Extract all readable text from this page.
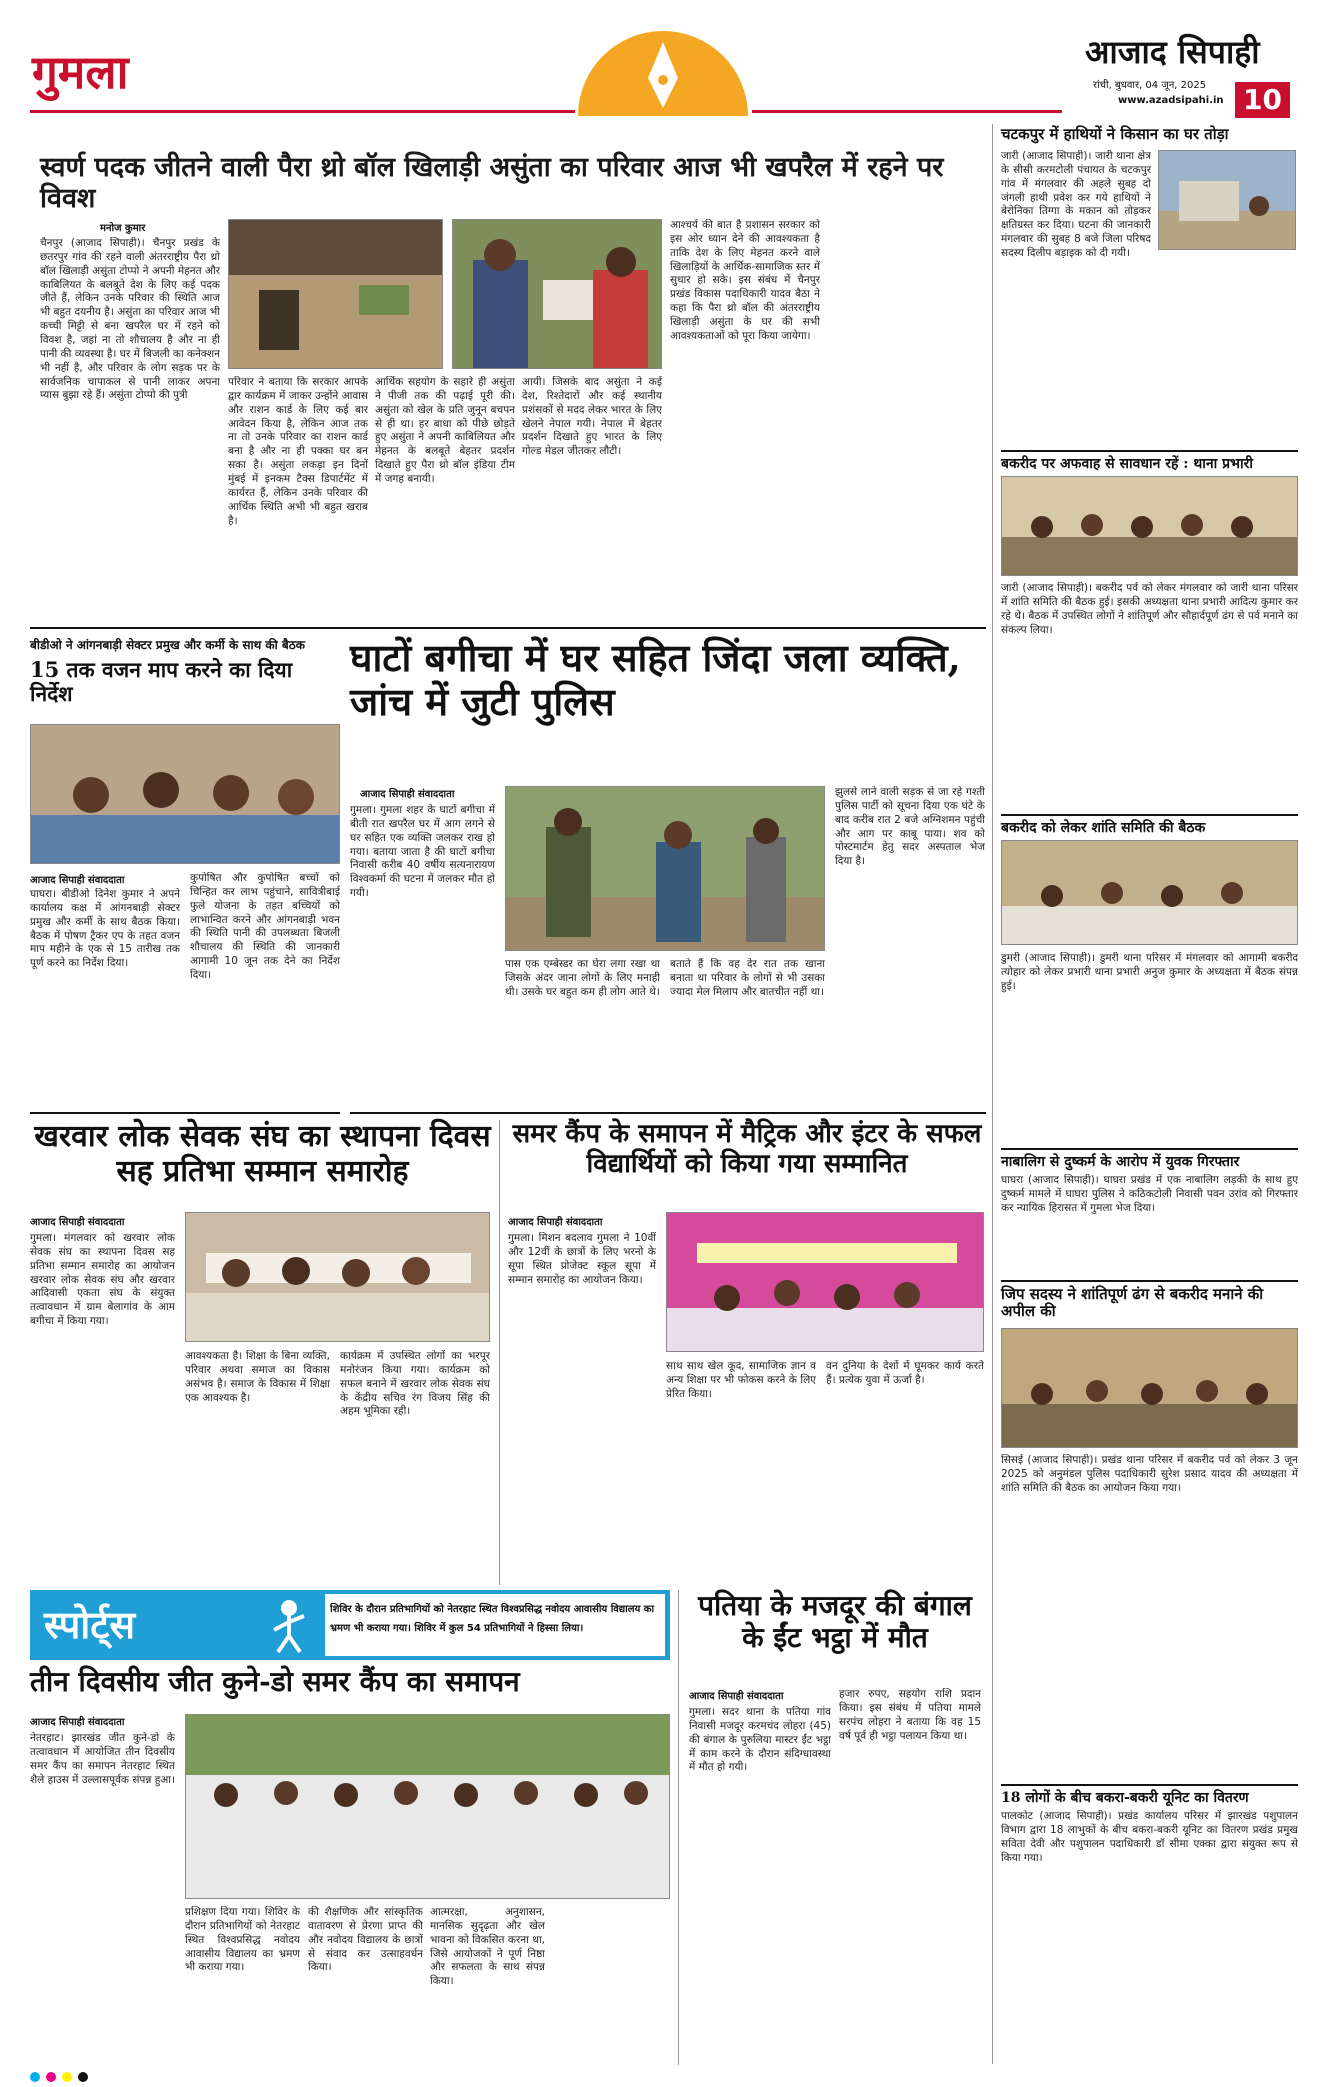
गुमला	आजाद सिपाही
रांची, बुधवार, 04 जून, 2025
www.azadsipahi.in 10
स्वर्ण पदक जीतने वाली पैरा थ्रो बॉल खिलाड़ी असुंता का परिवार आज भी खपरैल में रहने पर विवश
मनोज कुमार
चैनपुर (आजाद सिपाही)। चैनपुर प्रखंड के छतरपुर गांव की रहने वाली अंतरराष्ट्रीय पैरा थ्रो बॉल खिलाड़ी असुंता टोप्पो ने अपनी मेहनत और काबिलियत के बलबूते देश के लिए कई पदक जीते हैं, लेकिन उनके परिवार की स्थिति आज भी बहुत दयनीय है। असुंता का परिवार आज भी कच्ची मिट्टी से बना खपरैल घर में रहने को विवश है, जहां ना तो शौचालय है और ना ही पानी की व्यवस्था है। घर में बिजली का कनेक्शन भी नहीं है, और परिवार के लोग सड़क पर के सार्वजनिक चापाकल से पानी लाकर अपना प्यास बुझा रहे हैं। असुंता टोप्पो की पुत्री
परिवार ने बताया कि सरकार आपके द्वार कार्यक्रम में जाकर उन्होंने आवास और राशन कार्ड के लिए कई बार आवेदन किया है, लेकिन आज तक ना तो उनके परिवार का राशन कार्ड बना है और ना ही पक्का घर बन सका है। असुंता लकड़ा इन दिनों मुंबई में इनकम टैक्स डिपार्टमेंट में कार्यरत हैं, लेकिन उनके परिवार की आर्थिक स्थिति अभी भी बहुत खराब है।
आर्थिक सहयोग के सहारे ही असुंता ने पीजी तक की पढ़ाई पूरी की। असुंता को खेल के प्रति जुनून बचपन से ही था। हर बाधा को पीछे छोड़ते हुए असुंता ने अपनी काबिलियत और मेहनत के बलबूते बेहतर प्रदर्शन दिखाते हुए पैरा थ्रो बॉल इंडिया टीम में जगह बनायी।
आयी। जिसके बाद असुंता ने कई देश, रिश्तेदारों और कई स्थानीय प्रशंसकों से मदद लेकर भारत के लिए खेलने नेपाल गयी। नेपाल में बेहतर प्रदर्शन दिखाते हुए भारत के लिए गोल्ड मेडल जीतकर लौटी।
आश्चर्य की बात है प्रशासन सरकार को इस ओर ध्यान देने की आवश्यकता है ताकि देश के लिए मेहनत करने वाले खिलाड़ियों के आर्थिक-सामाजिक स्तर में सुधार हो सके। इस संबंध में चैनपुर प्रखंड विकास पदाधिकारी यादव बैठा ने कहा कि पैरा थ्रो बॉल की अंतरराष्ट्रीय खिलाड़ी असुंता के घर की सभी आवश्यकताओं को पूरा किया जायेगा।
बीडीओ ने आंगनबाड़ी सेक्टर प्रमुख और कर्मी के साथ की बैठक
15 तक वजन माप करने का दिया निर्देश
आजाद सिपाही संवाददाता
घाघरा। बीडीओ दिनेश कुमार ने अपने कार्यालय कक्ष में आंगनबाड़ी सेक्टर प्रमुख और कर्मी के साथ बैठक किया। बैठक में पोषण ट्रैकर एप के तहत वजन माप महीने के एक से 15 तारीख तक पूर्ण करने का निर्देश दिया।
कुपोषित और कुपोषित बच्चों को चिन्हित कर लाभ पहुंचाने, सावित्रीबाई फुले योजना के तहत बच्चियों को लाभान्वित करने और आंगनबाड़ी भवन की स्थिति पानी की उपलब्धता बिजली शौचालय की स्थिति की जानकारी आगामी 10 जून तक देने का निर्देश दिया।
घाटों बगीचा में घर सहित जिंदा जला व्यक्ति, जांच में जुटी पुलिस
आजाद सिपाही संवाददाता
गुमला। गुमला शहर के घाटों बगीचा में बीती रात खपरैल घर में आग लगने से घर सहित एक व्यक्ति जलकर राख हो गया। बताया जाता है की घाटों बगीचा निवासी करीब 40 वर्षीय सत्यनारायण विश्वकर्मा की घटना में जलकर मौत हो गयी।
पास एक एम्बेस्डर का घेरा लगा रखा था जिसके अंदर जाना लोगों के लिए मनाही थी। उसके घर बहुत कम ही लोग आते थे।
बताते हैं कि वह देर रात तक खाना बनाता था परिवार के लोगों से भी उसका ज्यादा मेल मिलाप और बातचीत नहीं था।
झुलसे लाने वाली सड़क से जा रहे गश्ती पुलिस पार्टी को सूचना दिया एक घंटे के बाद करीब रात 2 बजे अग्निशमन पहुंची और आग पर काबू पाया। शव को पोस्टमार्टम हेतु सदर अस्पताल भेज दिया है।
खरवार लोक सेवक संघ का स्थापना दिवस सह प्रतिभा सम्मान समारोह
आजाद सिपाही संवाददाता
गुमला। मंगलवार को खरवार लोक सेवक संघ का स्थापना दिवस सह प्रतिभा सम्मान समारोह का आयोजन खरवार लोक सेवक संघ और खरवार आदिवासी एकता संघ के संयुक्त तत्वावधान में ग्राम बेलागांव के आम बगीचा में किया गया।
आवश्यकता है। शिक्षा के बिना व्यक्ति, परिवार अथवा समाज का विकास असंभव है। समाज के विकास में शिक्षा एक आवश्यक है।
कार्यक्रम में उपस्थित लोगों का भरपूर मनोरंजन किया गया। कार्यक्रम को सफल बनाने में खरवार लोक सेवक संघ के केंद्रीय सचिव रंग विजय सिंह की अहम भूमिका रही।
समर कैंप के समापन में मैट्रिक और इंटर के सफल विद्यार्थियों को किया गया सम्मानित
आजाद सिपाही संवाददाता
गुमला। मिशन बदलाव गुमला ने 10वीं और 12वीं के छात्रों के लिए भरनो के सूपा स्थित प्रोजेक्ट स्कूल सूपा में सम्मान समारोह का आयोजन किया।
साथ साथ खेल कूद, सामाजिक ज्ञान व अन्य शिक्षा पर भी फोकस करने के लिए प्रेरित किया।
वन दुनिया के देशों में घूमकर कार्य करते हैं। प्रत्येक युवा में ऊर्जा है।
स्पोर्ट्स	शिविर के दौरान प्रतिभागियों को नेतरहाट स्थित विश्वप्रसिद्ध नवोदय आवासीय विद्यालय का भ्रमण भी कराया गया। शिविर में कुल 54 प्रतिभागियों ने हिस्सा लिया।
तीन दिवसीय जीत कुने-डो समर कैंप का समापन
आजाद सिपाही संवाददाता
नेतरहाट। झारखंड जीत कुने-डो के तत्वावधान में आयोजित तीन दिवसीय समर कैंप का समापन नेतरहाट स्थित शैले हाउस में उल्लासपूर्वक संपन्न हुआ।
प्रशिक्षण दिया गया। शिविर के दौरान प्रतिभागियों को नेतरहाट स्थित विश्वप्रसिद्ध नवोदय आवासीय विद्यालय का भ्रमण भी कराया गया।
की शैक्षणिक और सांस्कृतिक वातावरण से प्रेरणा प्राप्त की और नवोदय विद्यालय के छात्रों से संवाद कर उत्साहवर्धन किया।
आत्मरक्षा, अनुशासन, मानसिक सुदृढ़ता और खेल भावना को विकसित करना था, जिसे आयोजकों ने पूर्ण निष्ठा और सफलता के साथ संपन्न किया।
पतिया के मजदूर की बंगाल के ईंट भट्ठा में मौत
आजाद सिपाही संवाददाता
गुमला। सदर थाना के पतिया गांव निवासी मजदूर करमचंद लोहरा (45) की बंगाल के पुरुलिया मास्टर ईंट भट्ठा में काम करने के दौरान संदिग्धावस्था में मौत हो गयी।
हजार रुपए, सहयोग राशि प्रदान किया। इस संबंध में पतिया मामले सरपंच लोहरा ने बताया कि वह 15 वर्ष पूर्व ही भट्ठा पलायन किया था।
चटकपुर में हाथियों ने किसान का घर तोड़ा
जारी (आजाद सिपाही)। जारी थाना क्षेत्र के सीसी करमटोली पंचायत के चटकपुर गांव में मंगलवार की अहले सुबह दो जंगली हाथी प्रवेश कर गये हाथियों ने बेरोनिका तिग्गा के मकान को तोड़कर क्षतिग्रस्त कर दिया। घटना की जानकारी मंगलवार की सुबह 8 बजे जिला परिषद सदस्य दिलीप बड़ाइक को दी गयी।
बकरीद पर अफवाह से सावधान रहें : थाना प्रभारी
जारी (आजाद सिपाही)। बकरीद पर्व को लेकर मंगलवार को जारी थाना परिसर में शांति समिति की बैठक हुई। इसकी अध्यक्षता थाना प्रभारी आदित्य कुमार कर रहे थे। बैठक में उपस्थित लोगों ने शांतिपूर्ण और सौहार्दपूर्ण ढंग से पर्व मनाने का संकल्प लिया।
बकरीद को लेकर शांति समिति की बैठक
डुमरी (आजाद सिपाही)। डुमरी थाना परिसर में मंगलवार को आगामी बकरीद त्योहार को लेकर प्रभारी थाना प्रभारी अनुज कुमार के अध्यक्षता में बैठक संपन्न हुई।
नाबालिग से दुष्कर्म के आरोप में युवक गिरफ्तार
घाघरा (आजाद सिपाही)। घाघरा प्रखंड में एक नाबालिग लड़की के साथ हुए दुष्कर्म मामले में घाघरा पुलिस ने कठिकटोली निवासी पवन उरांव को गिरफ्तार कर न्यायिक हिरासत में गुमला भेज दिया।
जिप सदस्य ने शांतिपूर्ण ढंग से बकरीद मनाने की अपील की
सिसई (आजाद सिपाही)। प्रखंड थाना परिसर में बकरीद पर्व को लेकर 3 जून 2025 को अनुमंडल पुलिस पदाधिकारी सुरेश प्रसाद यादव की अध्यक्षता में शांति समिति की बैठक का आयोजन किया गया।
18 लोगों के बीच बकरा-बकरी यूनिट का वितरण
पालकोट (आजाद सिपाही)। प्रखंड कार्यालय परिसर में झारखंड पशुपालन विभाग द्वारा 18 लाभुकों के बीच बकरा-बकरी यूनिट का वितरण प्रखंड प्रमुख सविता देवी और पशुपालन पदाधिकारी डॉ सीमा एक्का द्वारा संयुक्त रूप से किया गया।
